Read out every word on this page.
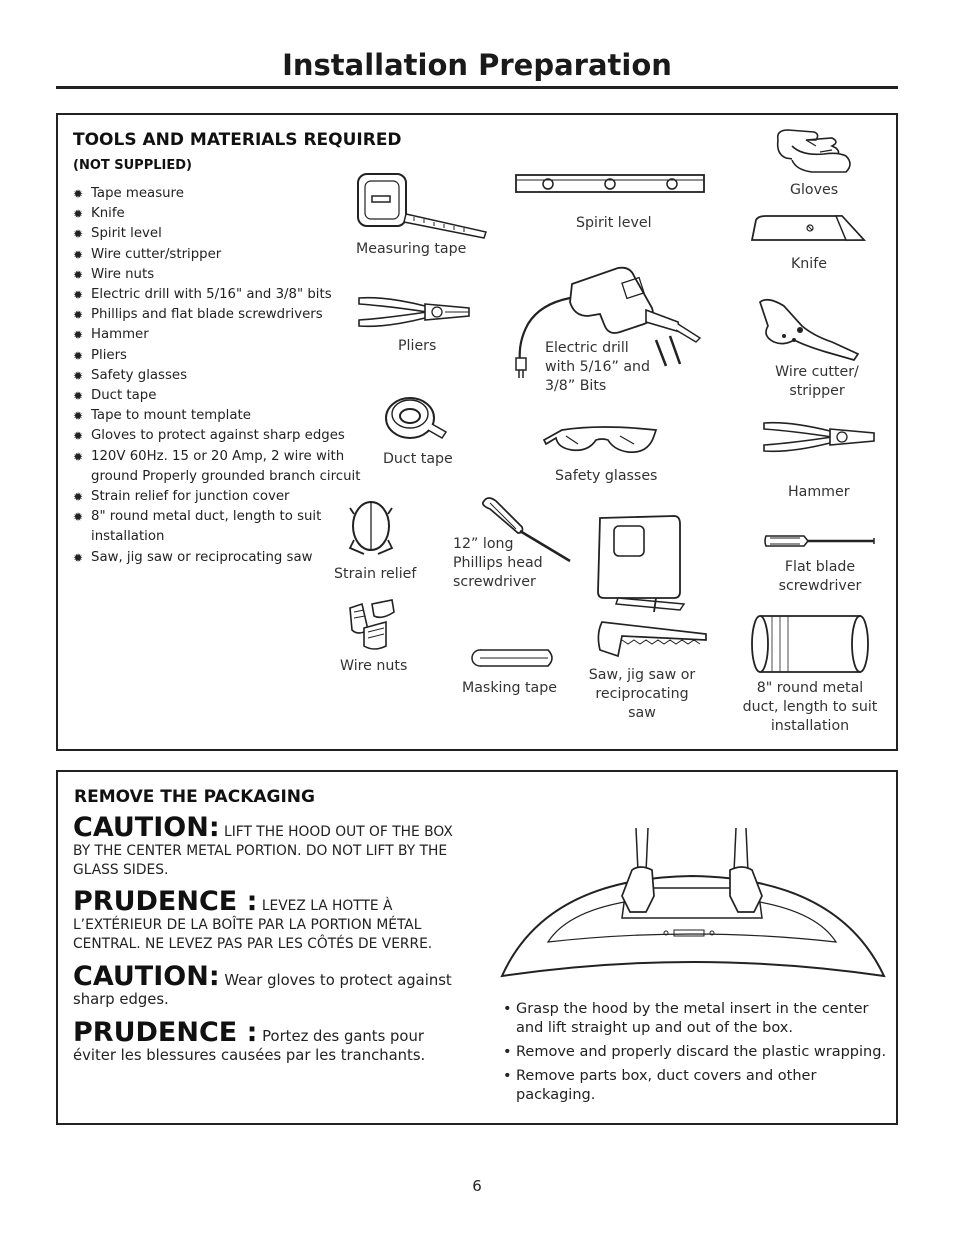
Installation Preparation
TOOLS AND MATERIALS REQUIRED
(NOT SUPPLIED)
✹ Tape measure
✹ Knife
✹ Spirit level
✹ Wire cutter/stripper
✹ Wire nuts
✹ Electric drill with 5/16" and 3/8" bits
✹ Phillips and flat blade screwdrivers
✹ Hammer
✹ Pliers
✹ Safety glasses
✹ Duct tape
✹ Tape to mount template
✹ Gloves to protect against sharp edges
✹ 120V 60Hz. 15 or 20 Amp, 2 wire with ground Properly grounded branch circuit
✹ Strain relief for junction cover
✹ 8" round metal duct, length to suit installation
✹ Saw, jig saw or reciprocating saw
Measuring tape
Spirit level
Gloves
Knife
Pliers	Electric drill with 5/16” and 3/8” Bits
Wire cutter/ stripper
Duct tape
Safety glasses
Hammer
Strain relief
12” long Phillips head screwdriver
Saw, jig saw or reciprocating saw
Flat blade screwdriver
Wire nuts
Masking tape	8" round metal duct, length to suit installation
REMOVE THE PACKAGING
CAUTION: LIFT THE HOOD OUT OF THE BOX BY THE CENTER METAL PORTION. DO NOT LIFT BY THE GLASS SIDES.
PRUDENCE : LEVEZ LA HOTTE À L’EXTÉRIEUR DE LA BOÎTE PAR LA PORTION MÉTAL CENTRAL. NE LEVEZ PAS PAR LES CÔTÉS DE VERRE.
CAUTION: Wear gloves to protect against sharp edges.
PRUDENCE : Portez des gants pour éviter les blessures causées par les tranchants.
• Grasp the hood by the metal insert in the center and lift straight up and out of the box.
• Remove and properly discard the plastic wrapping.
• Remove parts box, duct covers and other packaging.
6
